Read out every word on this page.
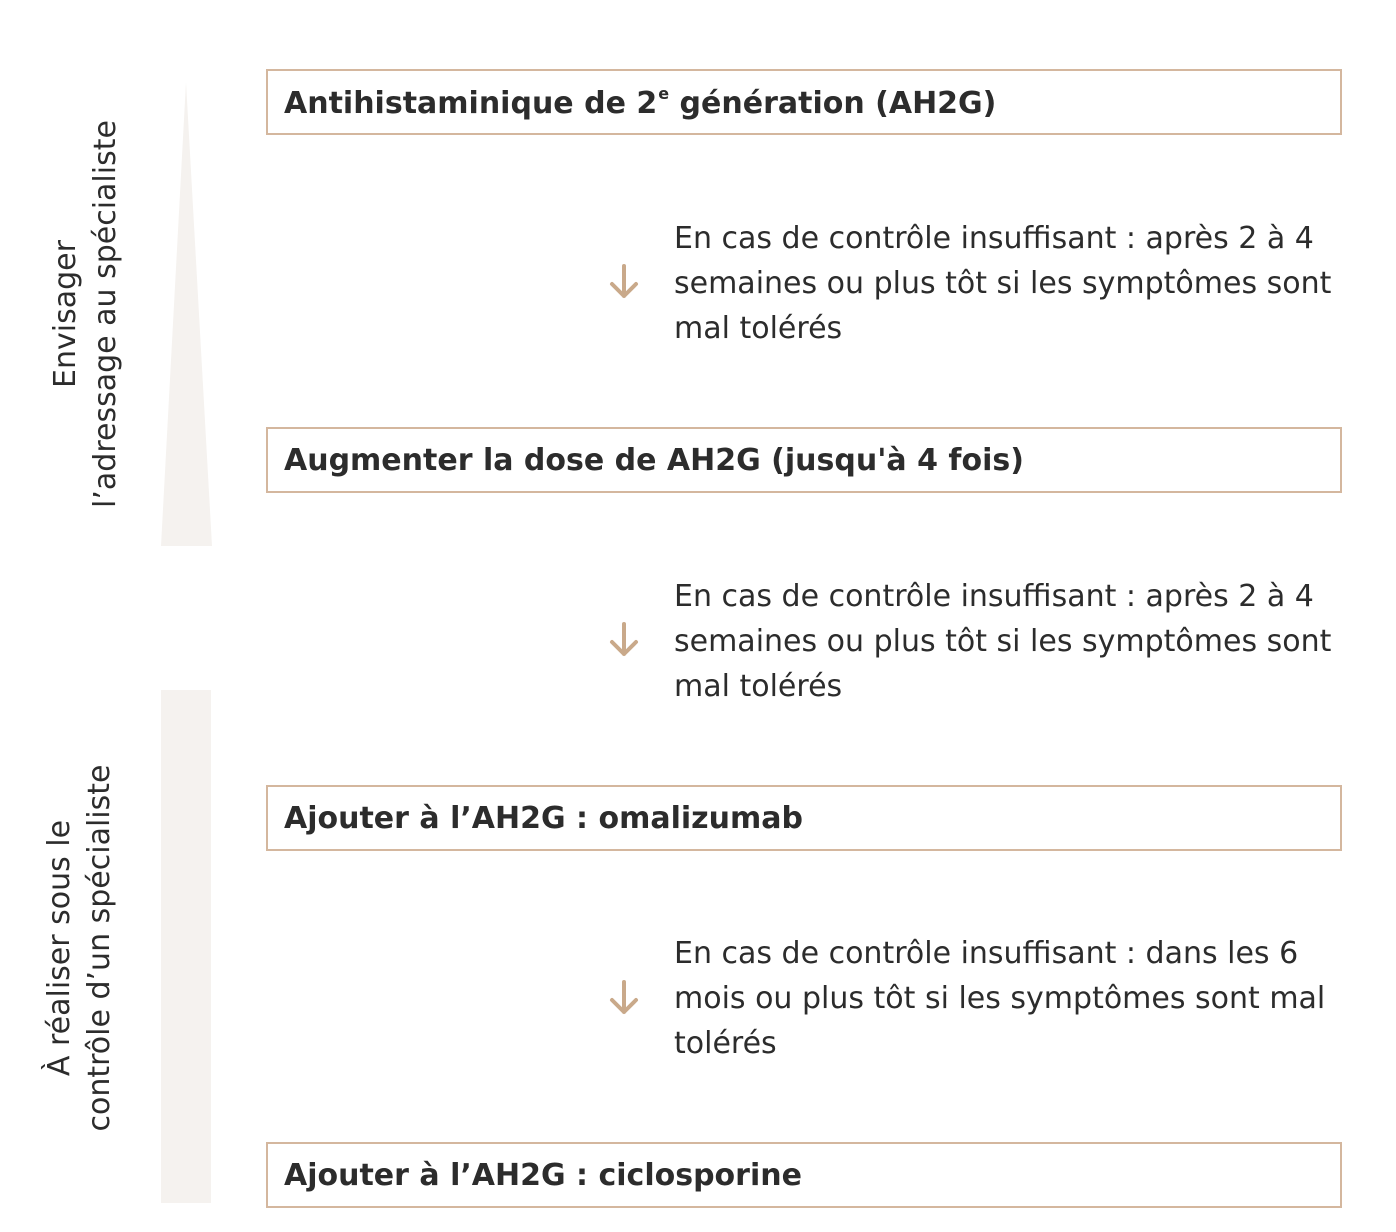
Envisager l’adressage au spécialiste
À réaliser sous le contrôle d’un spécialiste
Antihistaminique de 2e génération (AH2G)
En cas de contrôle insuffisant : après 2 à 4
semaines ou plus tôt si les symptômes sont
mal tolérés
Augmenter la dose de AH2G (jusqu'à 4 fois)
En cas de contrôle insuffisant : après 2 à 4
semaines ou plus tôt si les symptômes sont
mal tolérés
Ajouter à l’AH2G : omalizumab
En cas de contrôle insuffisant : dans les 6
mois ou plus tôt si les symptômes sont mal
tolérés
Ajouter à l’AH2G : ciclosporine
